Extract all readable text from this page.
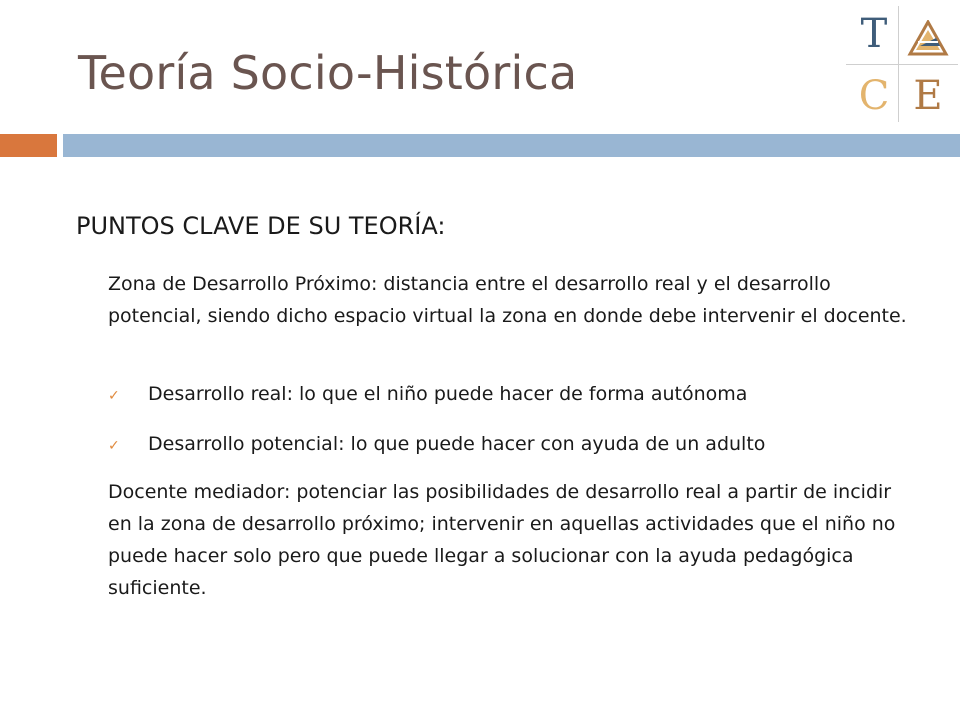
Teoría Socio-Histórica
T
C E
PUNTOS CLAVE DE SU TEORÍA:
Zona de Desarrollo Próximo: distancia entre el desarrollo real y el desarrollo potencial, siendo dicho espacio virtual la zona en donde debe intervenir el docente.
✓ Desarrollo real: lo que el niño puede hacer de forma autónoma
✓ Desarrollo potencial: lo que puede hacer con ayuda de un adulto
Docente mediador: potenciar las posibilidades de desarrollo real a partir de incidir en la zona de desarrollo próximo; intervenir en aquellas actividades que el niño no puede hacer solo pero que puede llegar a solucionar con la ayuda pedagógica suficiente.
